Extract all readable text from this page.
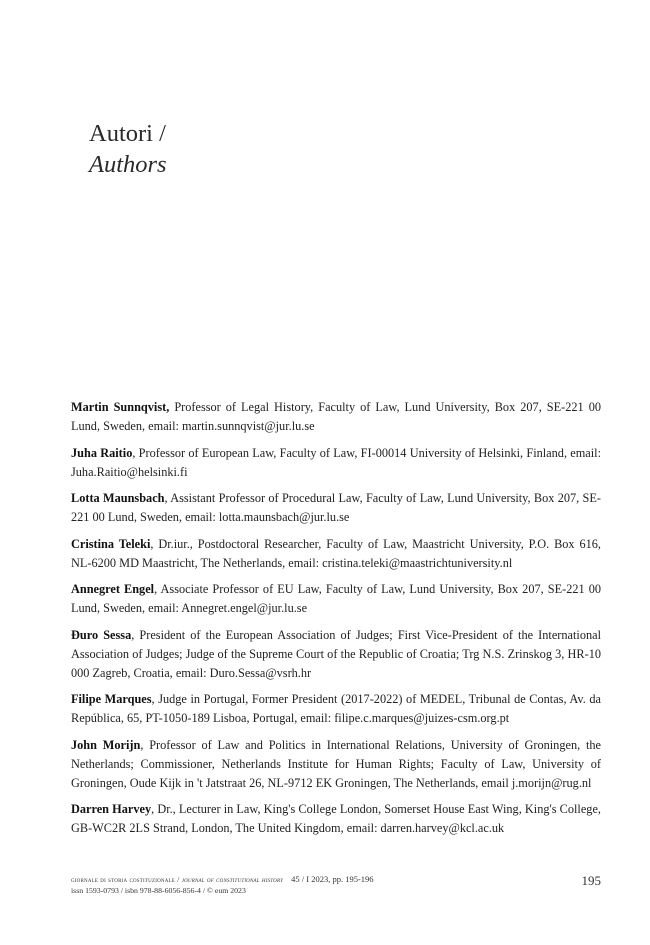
Autori /
Authors

Martin Sunnqvist, Professor of Legal History, Faculty of Law, Lund University, Box 207, SE-221 00 Lund, Sweden, email: martin.sunnqvist@jur.lu.se

Juha Raitio, Professor of European Law, Faculty of Law, FI-00014 University of Helsinki, Finland, email: Juha.Raitio@helsinki.fi

Lotta Maunsbach, Assistant Professor of Procedural Law, Faculty of Law, Lund University, Box 207, SE-221 00 Lund, Sweden, email: lotta.maunsbach@jur.lu.se

Cristina Teleki, Dr.iur., Postdoctoral Researcher, Faculty of Law, Maastricht University, P.O. Box 616, NL-6200 MD Maastricht, The Netherlands, email: cristina.teleki@maastrichtuniversity.nl

Annegret Engel, Associate Professor of EU Law, Faculty of Law, Lund University, Box 207, SE-221 00 Lund, Sweden, email: Annegret.engel@jur.lu.se

Đuro Sessa, President of the European Association of Judges; First Vice-President of the International Association of Judges; Judge of the Supreme Court of the Republic of Croatia; Trg N.S. Zrinskog 3, HR-10 000 Zagreb, Croatia, email: Duro.Sessa@vsrh.hr

Filipe Marques, Judge in Portugal, Former President (2017-2022) of MEDEL, Tribunal de Contas, Av. da República, 65, PT-1050-189 Lisboa, Portugal, email: filipe.c.marques@juizes-csm.org.pt

John Morijn, Professor of Law and Politics in International Relations, University of Groningen, the Netherlands; Commissioner, Netherlands Institute for Human Rights; Faculty of Law, University of Groningen, Oude Kijk in 't Jatstraat 26, NL-9712 EK Groningen, The Netherlands, email j.morijn@rug.nl

Darren Harvey, Dr., Lecturer in Law, King's College London, Somerset House East Wing, King's College, GB-WC2R 2LS Strand, London, The United Kingdom, email: darren.harvey@kcl.ac.uk

giornale di storia costituzionale / journal of constitutional history 45 / I 2023, pp. 195-196
issn 1593-0793 / isbn 978-88-6056-856-4 / © eum 2023
195
